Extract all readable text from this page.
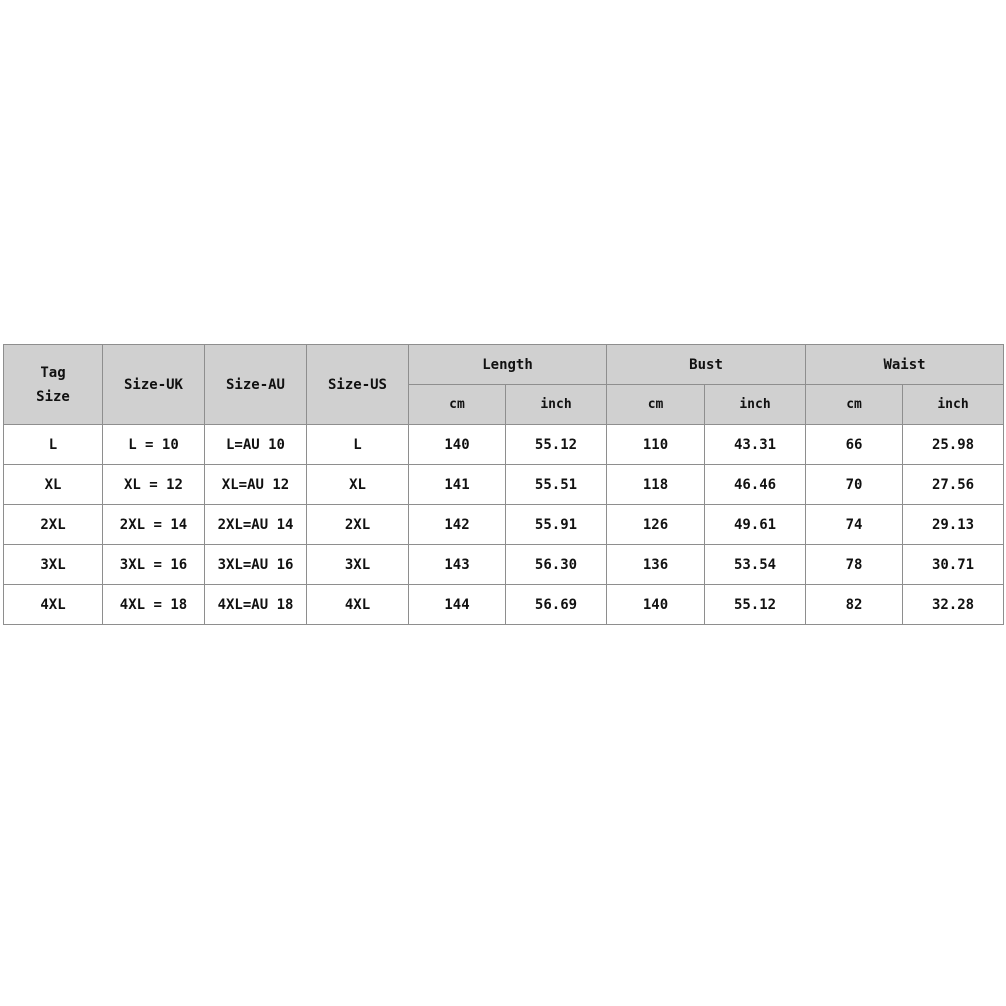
Tag
Size	Size-UK	Size-AU	Size-US	Length		Bust		Waist	
				cm	inch	cm	inch	cm	inch
L	L = 10	L=AU 10	L	140	55.12	110	43.31	66	25.98
XL	XL = 12	XL=AU 12	XL	141	55.51	118	46.46	70	27.56
2XL	2XL = 14	2XL=AU 14	2XL	142	55.91	126	49.61	74	29.13
3XL	3XL = 16	3XL=AU 16	3XL	143	56.30	136	53.54	78	30.71
4XL	4XL = 18	4XL=AU 18	4XL	144	56.69	140	55.12	82	32.28
